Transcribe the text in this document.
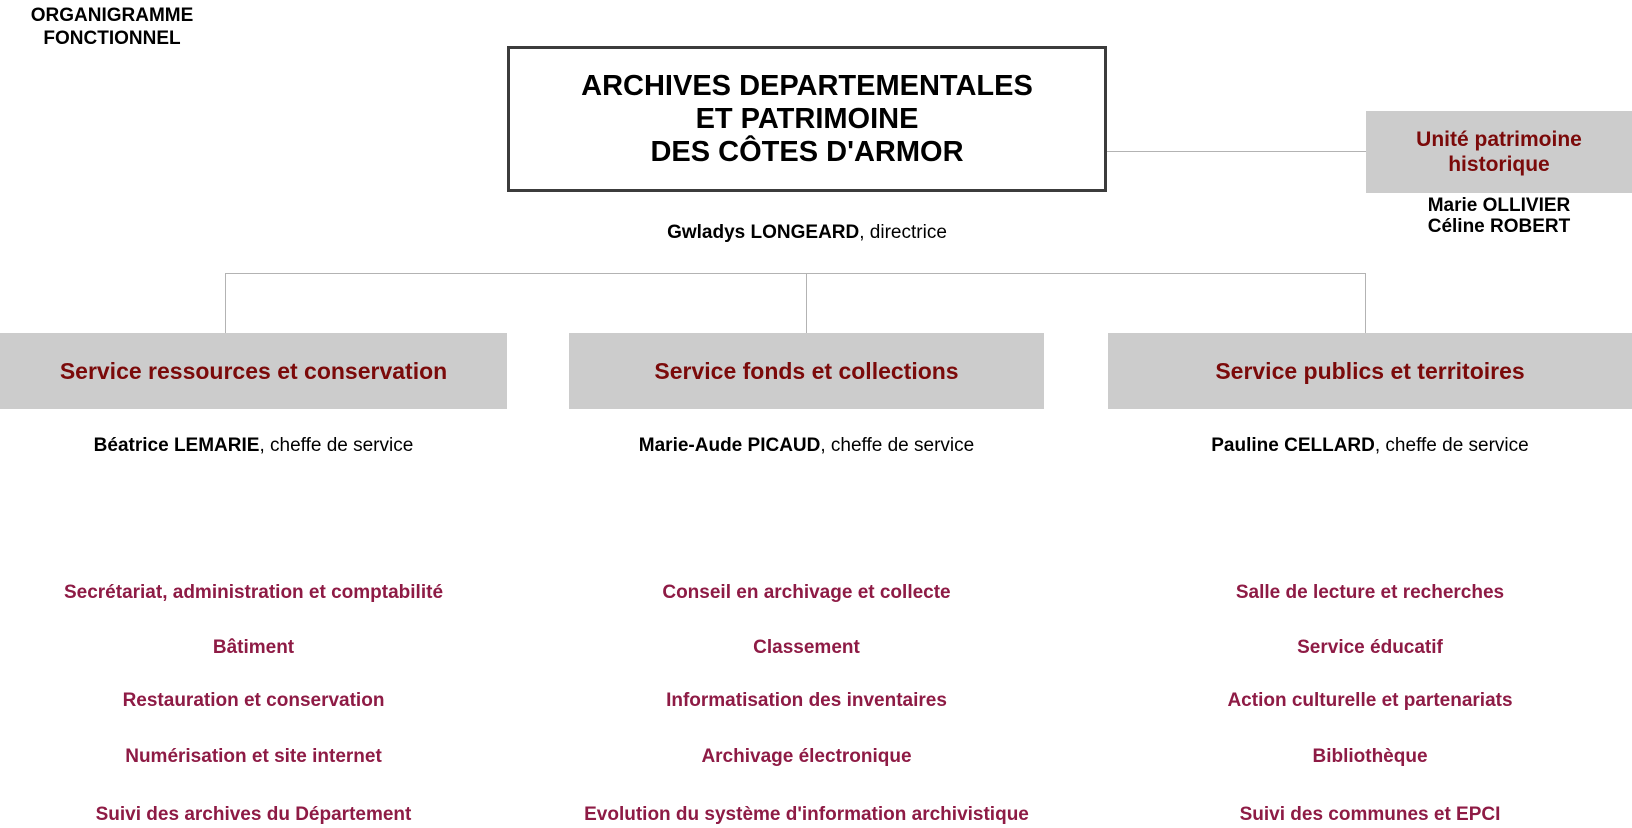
ORGANIGRAMME
FONCTIONNEL
ARCHIVES DEPARTEMENTALES
ET PATRIMOINE
DES CÔTES D'ARMOR
Gwladys LONGEARD, directrice
Unité patrimoine
historique
Marie OLLIVIER
Céline ROBERT
Service ressources et conservation
Béatrice LEMARIE, cheffe de service
Secrétariat, administration et comptabilité
Bâtiment
Restauration et conservation
Numérisation et site internet
Suivi des archives du Département
Service fonds et collections
Marie-Aude PICAUD, cheffe de service
Conseil en archivage et collecte
Classement
Informatisation des inventaires
Archivage électronique
Evolution du système d'information archivistique
Service publics et territoires
Pauline CELLARD, cheffe de service
Salle de lecture et recherches
Service éducatif
Action culturelle et partenariats
Bibliothèque
Suivi des communes et EPCI
